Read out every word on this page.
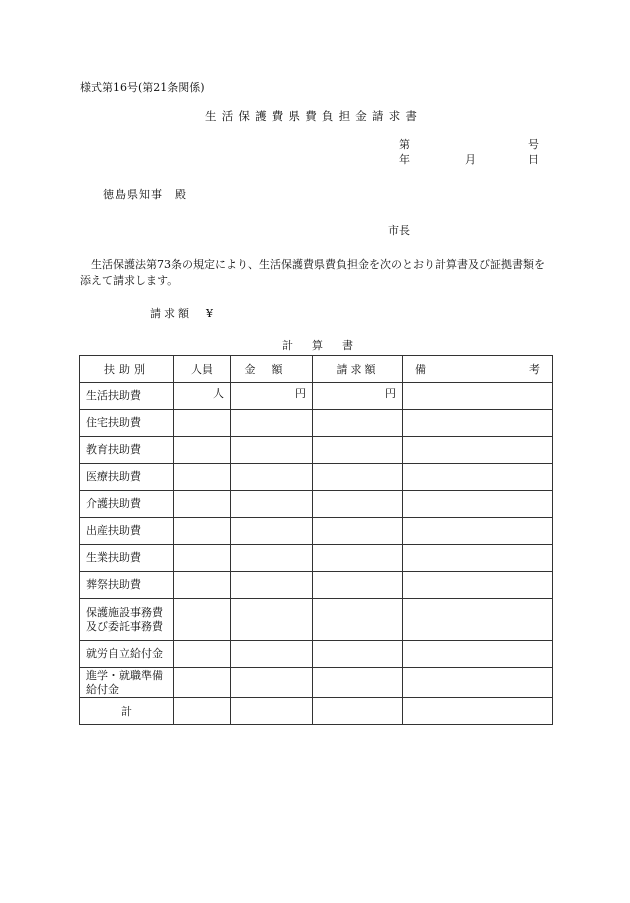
様式第16号(第21条関係)
生活保護費県費負担金請求書
第	号
年	月	日
徳島県知事　殿
市長
生活保護法第73条の規定により、生活保護費県費負担金を次のとおり計算書及び証拠書類を添えて請求します。
請求額　¥
計算書
扶助別	人員	金額	請求額	備 考

生活扶助費	人	円	円	
住宅扶助費				
教育扶助費				
医療扶助費				
介護扶助費				
出産扶助費				
生業扶助費				
葬祭扶助費				
保護施設事務費
及び委託事務費				
就労自立給付金				
進学・就職準備
給付金				
計				
